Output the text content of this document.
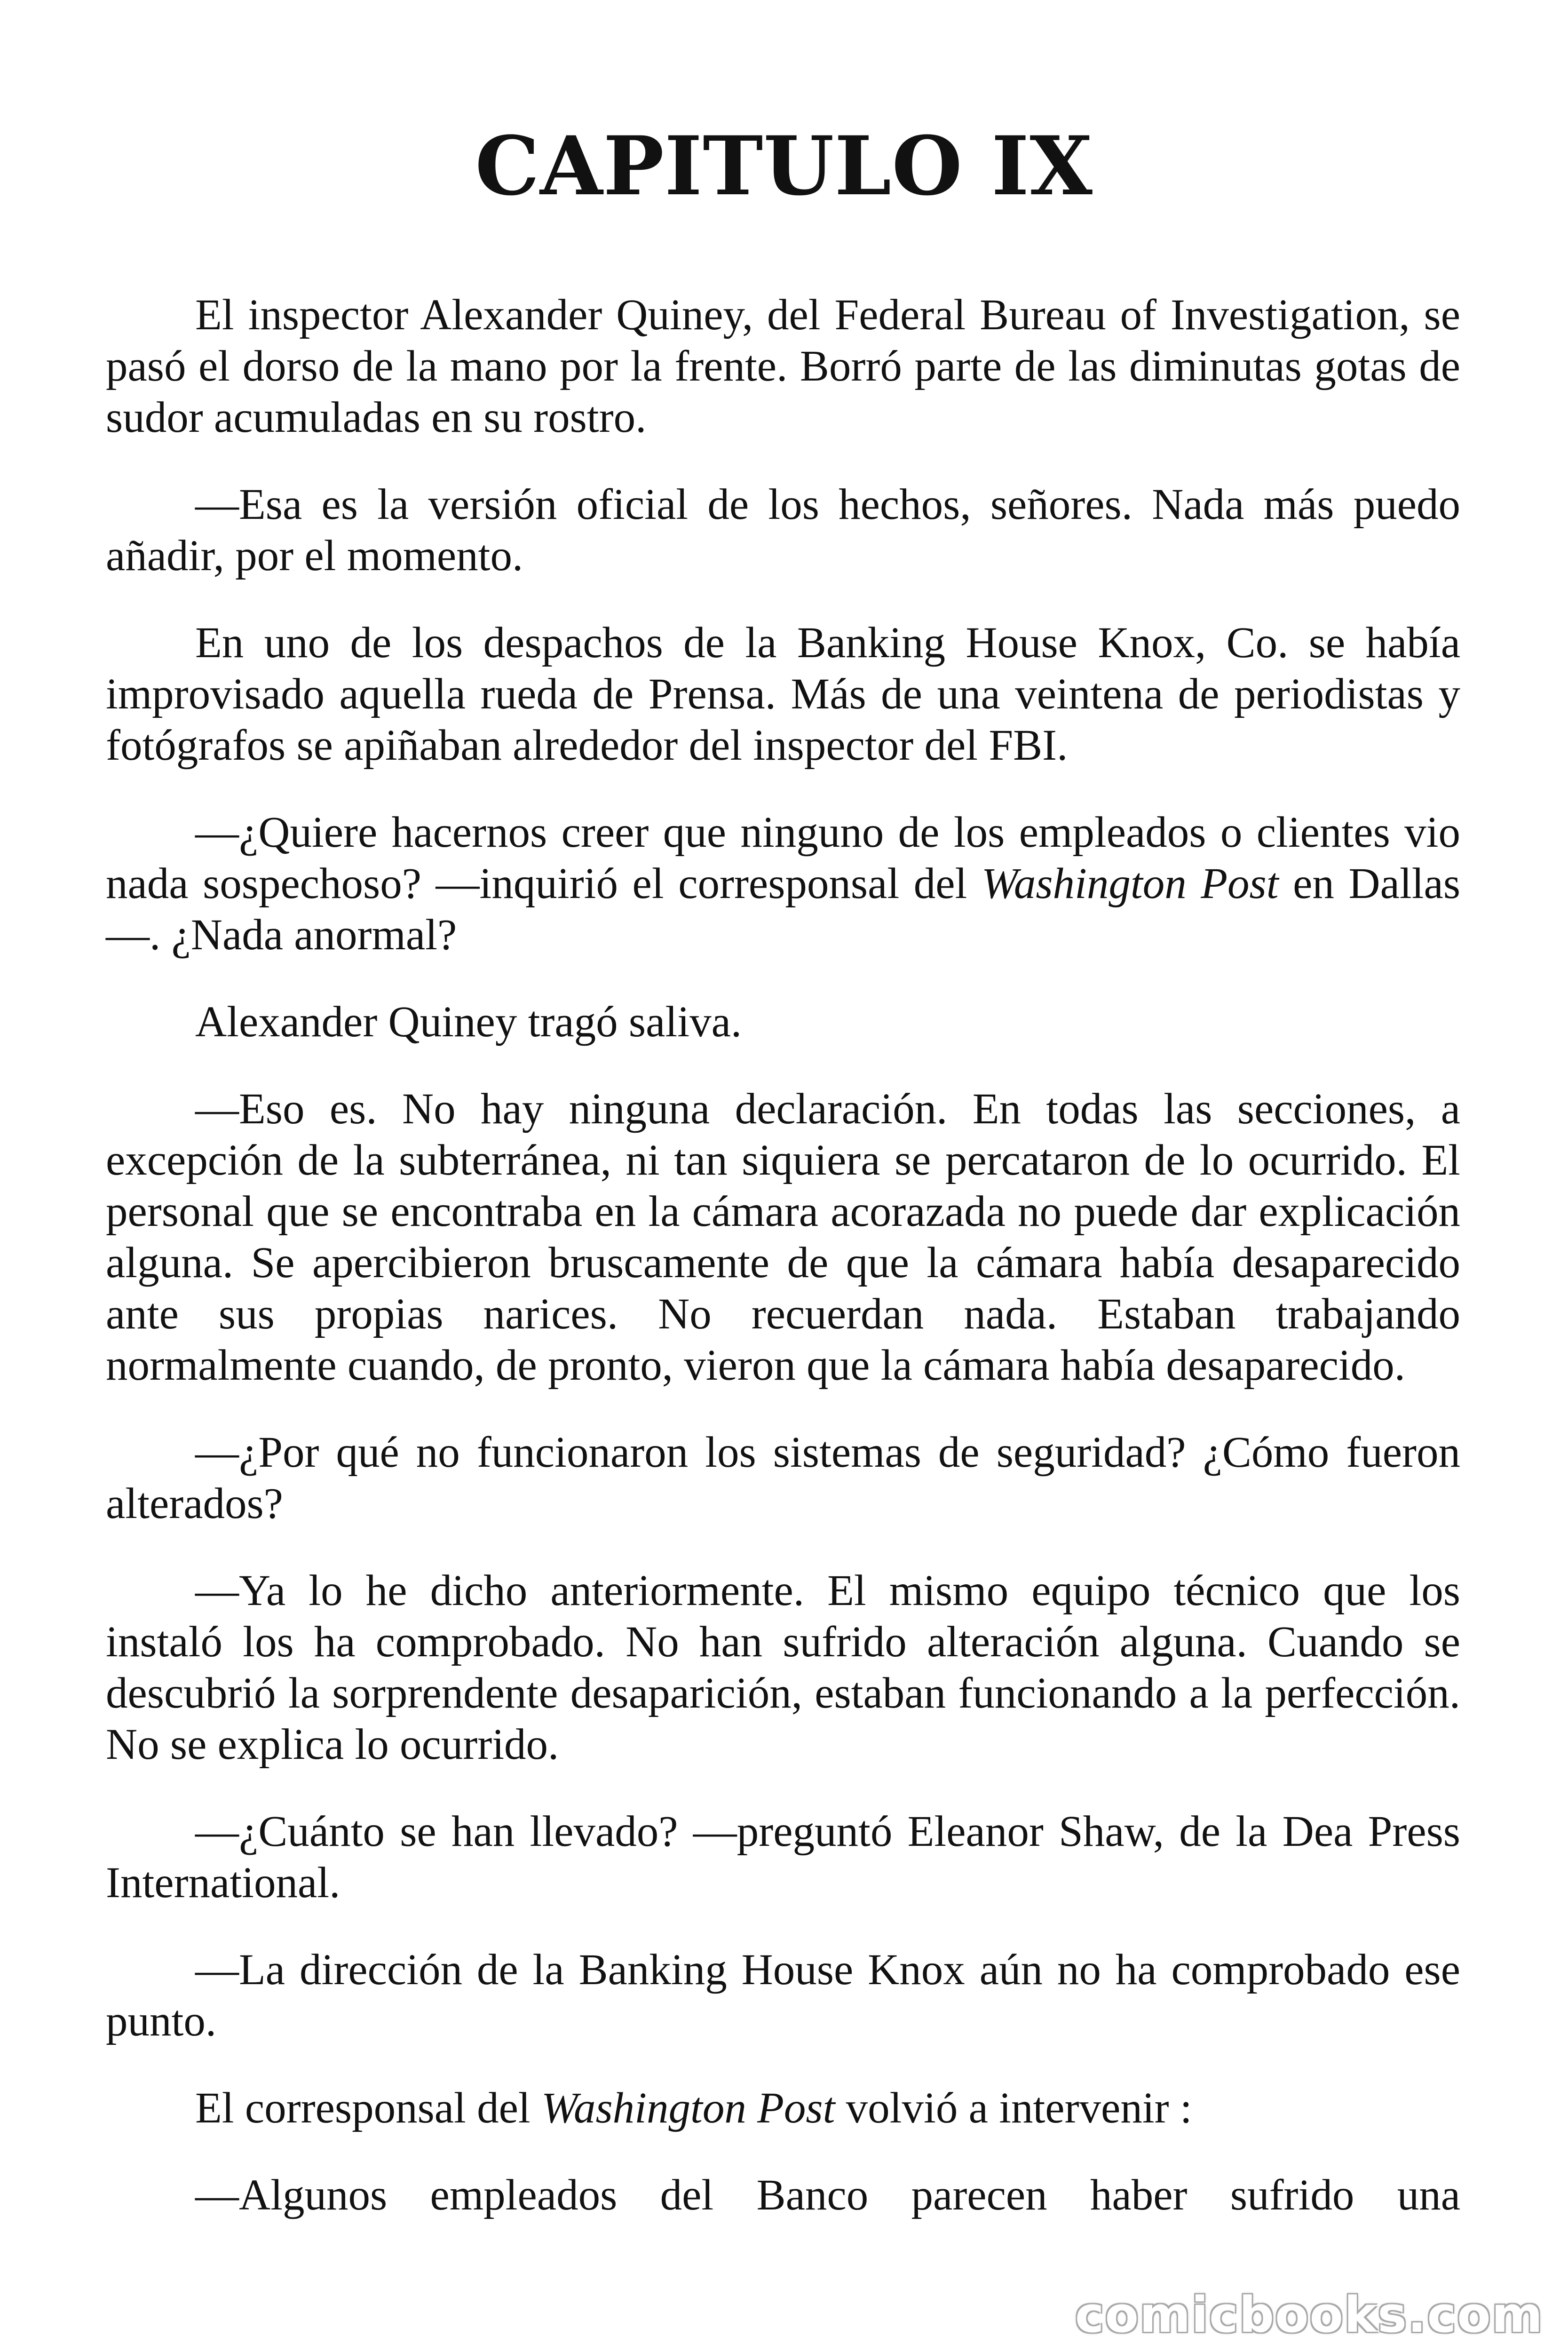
CAPITULO IX

El inspector Alexander Quiney, del Federal Bureau of Investigation, se pasó el dorso de la mano por la frente. Borró parte de las diminutas gotas de sudor acumuladas en su rostro.

—Esa es la versión oficial de los hechos, señores. Nada más puedo añadir, por el momento.

En uno de los despachos de la Banking House Knox, Co. se había improvisado aquella rueda de Prensa. Más de una veintena de periodistas y fotógrafos se apiñaban alrededor del inspector del FBI.

—¿Quiere hacernos creer que ninguno de los empleados o clientes vio nada sospechoso? —inquirió el corresponsal del Washington Post en Dallas—. ¿Nada anormal?

Alexander Quiney tragó saliva.

—Eso es. No hay ninguna declaración. En todas las secciones, a excepción de la subterránea, ni tan siquiera se percataron de lo ocurrido. El personal que se encontraba en la cámara acorazada no puede dar explicación alguna. Se apercibieron bruscamente de que la cámara había desaparecido ante sus propias narices. No recuerdan nada. Estaban trabajando normalmente cuando, de pronto, vieron que la cámara había desaparecido.

—¿Por qué no funcionaron los sistemas de seguridad? ¿Cómo fueron alterados?

—Ya lo he dicho anteriormente. El mismo equipo técnico que los instaló los ha comprobado. No han sufrido alteración alguna. Cuando se descubrió la sorprendente desaparición, estaban funcionando a la perfección. No se explica lo ocurrido.

—¿Cuánto se han llevado? —preguntó Eleanor Shaw, de la Dea Press International.

—La dirección de la Banking House Knox aún no ha comprobado ese punto.

El corresponsal del Washington Post volvió a intervenir :

—Algunos empleados del Banco parecen haber sufrido una

comicbooks.com
